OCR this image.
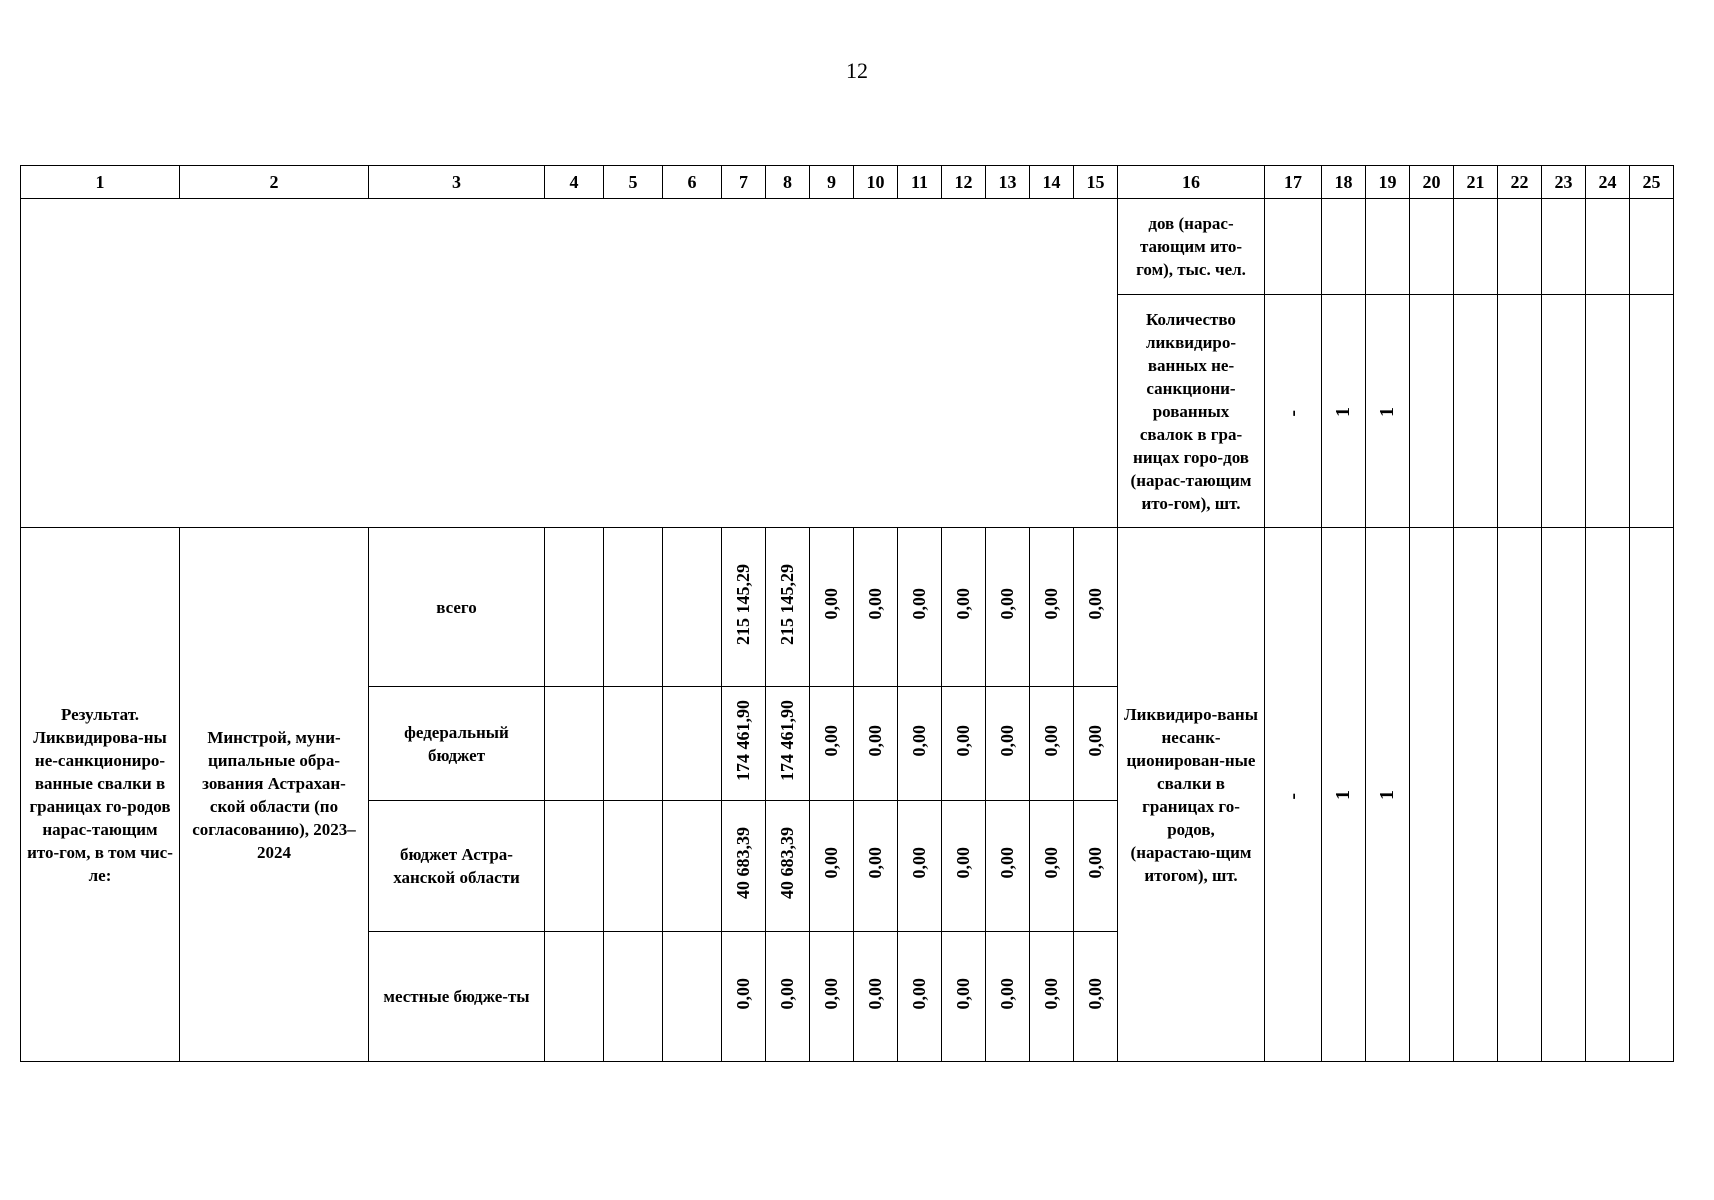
12
1	2	3	4	5	6	7	8	9	10	11	12	13	14	15	16	17	18	19	20	21	22	23	24	25

															дов (нарас-тающим ито-гом), тыс. чел.									

															Количество ликвидиро-ванных не-санкциони-рованных свалок в гра-ницах горо-дов (нарас-тающим ито-гом), шт.	-	1	1						

Результат. Ликвидирова-ны не-санкциониро-ванные свалки в границах го-родов нарас-тающим ито-гом, в том чис-ле:	Минстрой, муни-ципальные обра-зования Астрахан-ской области (по согласованию), 2023–2024	всего				215 145,29	215 145,29	0,00	0,00	0,00	0,00	0,00	0,00	0,00	Ликвидиро-ваны несанк-ционирован-ные свалки в границах го-родов, (нарастаю-щим итогом), шт.	-	1	1						

		федеральный бюджет				174 461,90	174 461,90	0,00	0,00	0,00	0,00	0,00	0,00	0,00										

		бюджет Астра-ханской области				40 683,39	40 683,39	0,00	0,00	0,00	0,00	0,00	0,00	0,00										

		местные бюдже-ты				0,00	0,00	0,00	0,00	0,00	0,00	0,00	0,00	0,00										
